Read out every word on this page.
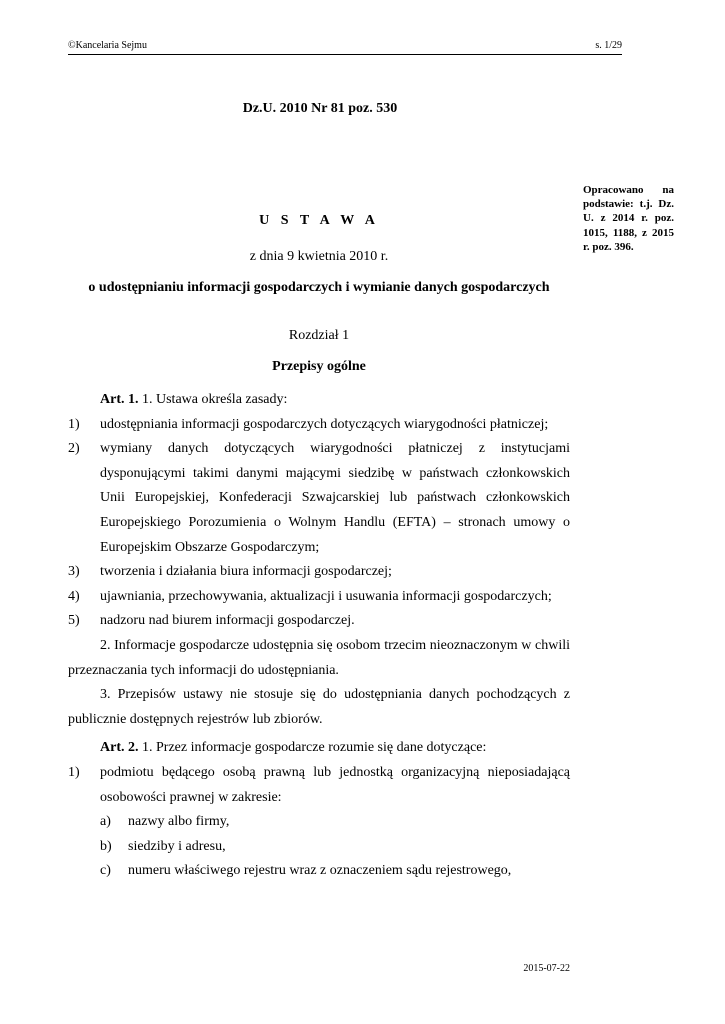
©Kancelaria Sejmu	s. 1/29
Dz.U. 2010 Nr 81 poz. 530
Opracowano na podstawie: t.j. Dz. U. z 2014 r. poz. 1015, 1188, z 2015 r. poz. 396.
U S T A W A
z dnia 9 kwietnia 2010 r.
o udostępnianiu informacji gospodarczych i wymianie danych gospodarczych
Rozdział 1
Przepisy ogólne

Art. 1. 1. Ustawa określa zasady:

1) udostępniania informacji gospodarczych dotyczących wiarygodności płatniczej;
2) wymiany danych dotyczących wiarygodności płatniczej z instytucjami dysponującymi takimi danymi mającymi siedzibę w państwach członkowskich Unii Europejskiej, Konfederacji Szwajcarskiej lub państwach członkowskich Europejskiego Porozumienia o Wolnym Handlu (EFTA) – stronach umowy o Europejskim Obszarze Gospodarczym;
3) tworzenia i działania biura informacji gospodarczej;
4) ujawniania, przechowywania, aktualizacji i usuwania informacji gospodarczych;
5) nadzoru nad biurem informacji gospodarczej.

2. Informacje gospodarcze udostępnia się osobom trzecim nieoznaczonym w chwili przeznaczania tych informacji do udostępniania.

3. Przepisów ustawy nie stosuje się do udostępniania danych pochodzących z publicznie dostępnych rejestrów lub zbiorów.

Art. 2. 1. Przez informacje gospodarcze rozumie się dane dotyczące:

1) podmiotu będącego osobą prawną lub jednostką organizacyjną nieposiadającą osobowości prawnej w zakresie:
a) nazwy albo firmy,
b) siedziby i adresu,
c) numeru właściwego rejestru wraz z oznaczeniem sądu rejestrowego,
2015-07-22
